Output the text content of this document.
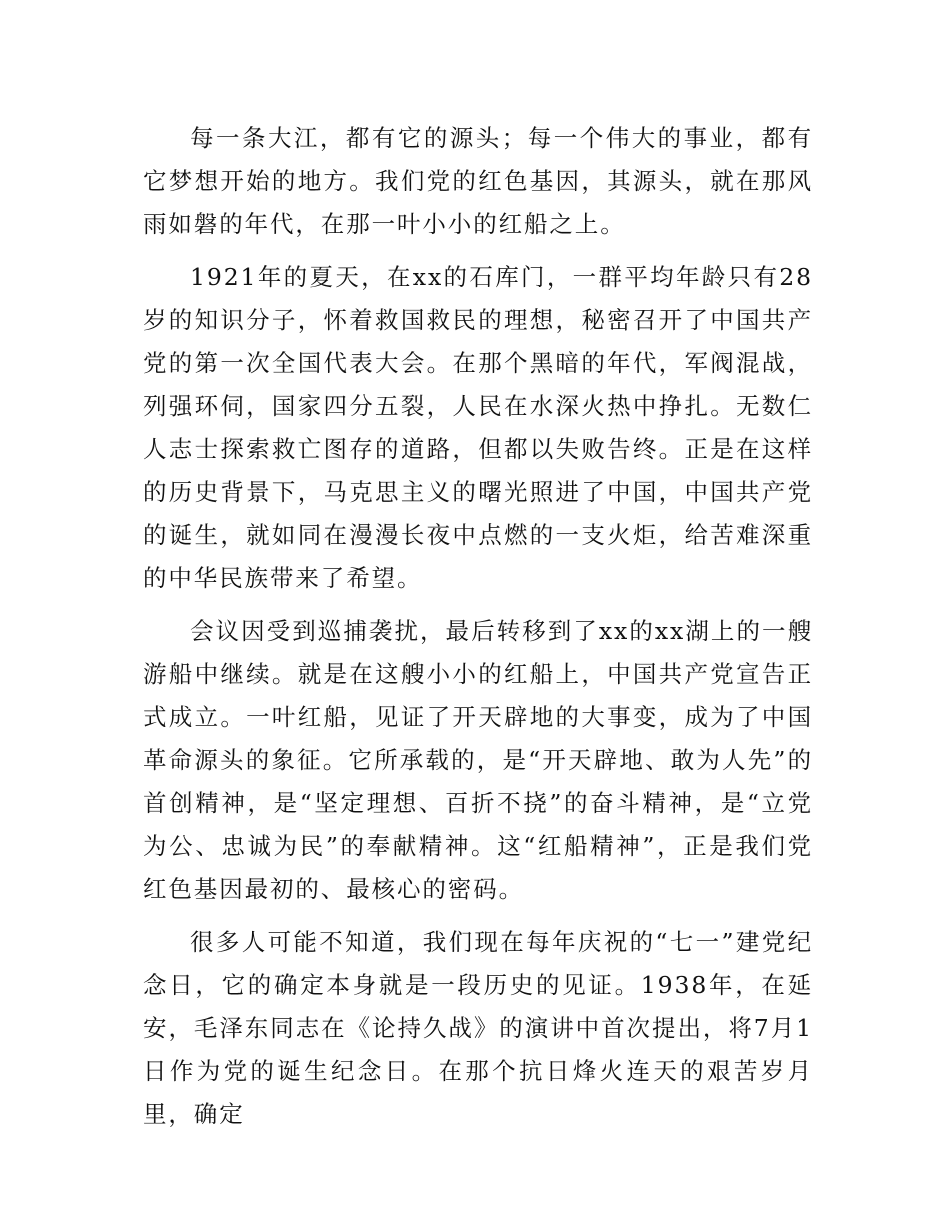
每一条大江，都有它的源头；每一个伟大的事业，都有它梦想开始的地方。我们党的红色基因，其源头，就在那风雨如磐的年代，在那一叶小小的红船之上。

1921年的夏天，在xx的石库门，一群平均年龄只有28岁的知识分子，怀着救国救民的理想，秘密召开了中国共产党的第一次全国代表大会。在那个黑暗的年代，军阀混战，列强环伺，国家四分五裂，人民在水深火热中挣扎。无数仁人志士探索救亡图存的道路，但都以失败告终。正是在这样的历史背景下，马克思主义的曙光照进了中国，中国共产党的诞生，就如同在漫漫长夜中点燃的一支火炬，给苦难深重的中华民族带来了希望。

会议因受到巡捕袭扰，最后转移到了xx的xx湖上的一艘游船中继续。就是在这艘小小的红船上，中国共产党宣告正式成立。一叶红船，见证了开天辟地的大事变，成为了中国革命源头的象征。它所承载的，是“开天辟地、敢为人先”的首创精神，是“坚定理想、百折不挠”的奋斗精神，是“立党为公、忠诚为民”的奉献精神。这“红船精神”，正是我们党红色基因最初的、最核心的密码。

很多人可能不知道，我们现在每年庆祝的“七一”建党纪念日，它的确定本身就是一段历史的见证。1938年，在延安，毛泽东同志在《论持久战》的演讲中首次提出，将7月1日作为党的诞生纪念日。在那个抗日烽火连天的艰苦岁月里，确定
